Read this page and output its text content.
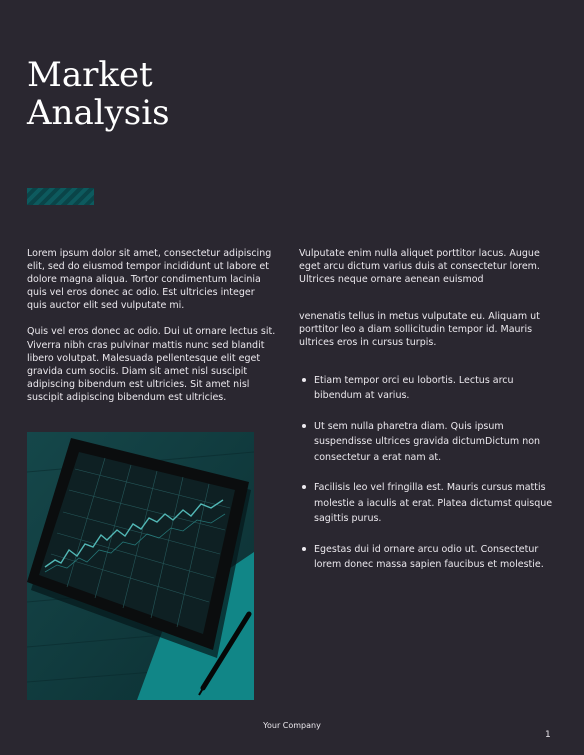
Market
Analysis

Lorem ipsum dolor sit amet, consectetur adipiscing elit, sed do eiusmod tempor incididunt ut labore et dolore magna aliqua. Tortor condimentum lacinia quis vel eros donec ac odio. Est ultricies integer quis auctor elit sed vulputate mi.

Quis vel eros donec ac odio. Dui ut ornare lectus sit. Viverra nibh cras pulvinar mattis nunc sed blandit libero volutpat. Malesuada pellentesque elit eget gravida cum sociis. Diam sit amet nisl suscipit adipiscing bibendum est ultricies. Sit amet nisl suscipit adipiscing bibendum est ultricies.

Vulputate enim nulla aliquet porttitor lacus. Augue eget arcu dictum varius duis at consectetur lorem. Ultrices neque ornare aenean euismod

venenatis tellus in metus vulputate eu. Aliquam ut porttitor leo a diam sollicitudin tempor id. Mauris ultrices eros in cursus turpis.

Etiam tempor orci eu lobortis. Lectus arcu bibendum at varius.
Ut sem nulla pharetra diam. Quis ipsum suspendisse ultrices gravida dictumDictum non consectetur a erat nam at.
Facilisis leo vel fringilla est. Mauris cursus mattis molestie a iaculis at erat. Platea dictumst quisque sagittis purus.
Egestas dui id ornare arcu odio ut. Consectetur lorem donec massa sapien faucibus et molestie.
Your Company
1
